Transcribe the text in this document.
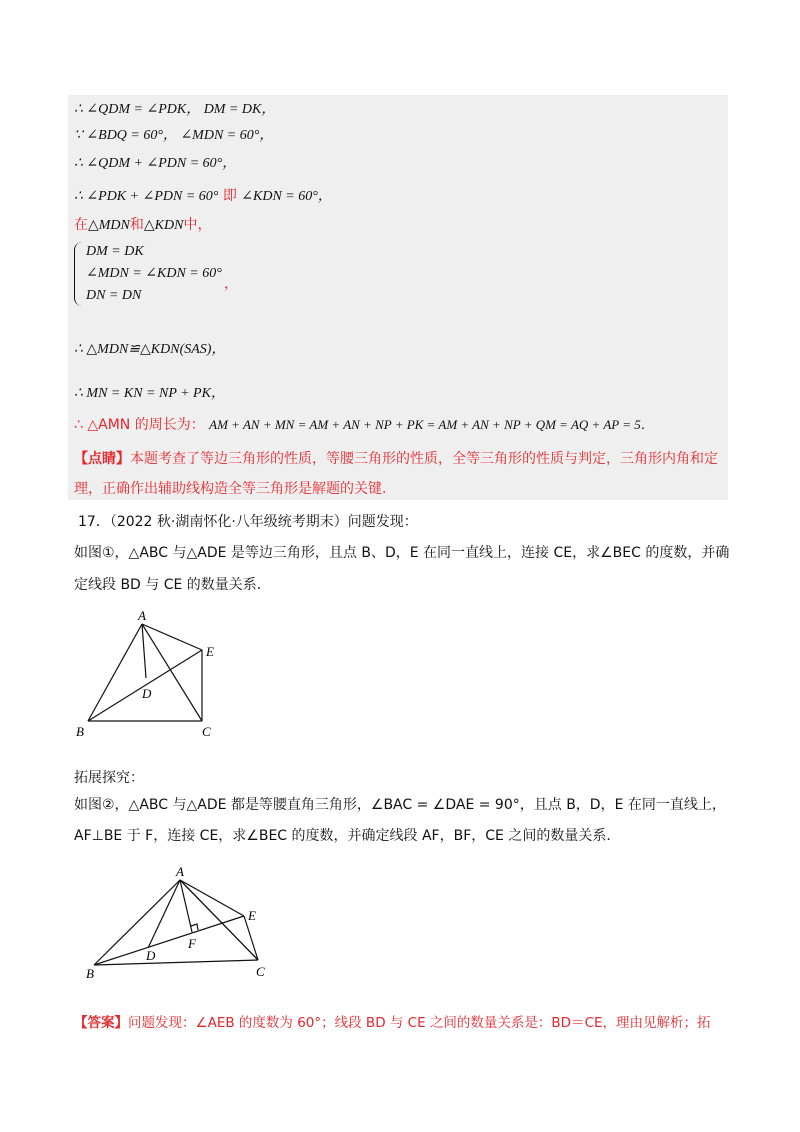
∴ ∠QDM = ∠PDK， DM = DK，
∵ ∠BDQ = 60°， ∠MDN = 60°，
∴ ∠QDM + ∠PDN = 60°，
∴ ∠PDK + ∠PDN = 60° 即 ∠KDN = 60°，
在△MDN和△KDN中，
DM = DK
∠MDN = ∠KDN = 60°
DN = DN
，
∴ △MDN≌△KDN(SAS)，
∴ MN = KN = NP + PK，
∴ △AMN 的周长为： AM + AN + MN = AM + AN + NP + PK = AM + AN + NP + QM = AQ + AP = 5．
【点睛】本题考查了等边三角形的性质，等腰三角形的性质，全等三角形的性质与判定，三角形内角和定
理，正确作出辅助线构造全等三角形是解题的关键.
17．（2022 秋·湖南怀化·八年级统考期末）问题发现：
如图①，△ABC 与△ADE 是等边三角形，且点 B、D，E 在同一直线上，连接 CE，求∠BEC 的度数，并确
定线段 BD 与 CE 的数量关系.
A
E
D
B	C
拓展探究：
如图②，△ABC 与△ADE 都是等腰直角三角形，∠BAC = ∠DAE = 90°，且点 B，D，E 在同一直线上，
AF⊥BE 于 F，连接 CE，求∠BEC 的度数，并确定线段 AF，BF，CE 之间的数量关系.
A
E
F
D
B	C
【答案】问题发现：∠AEB 的度数为 60°；线段 BD 与 CE 之间的数量关系是：BD＝CE，理由见解析；拓
